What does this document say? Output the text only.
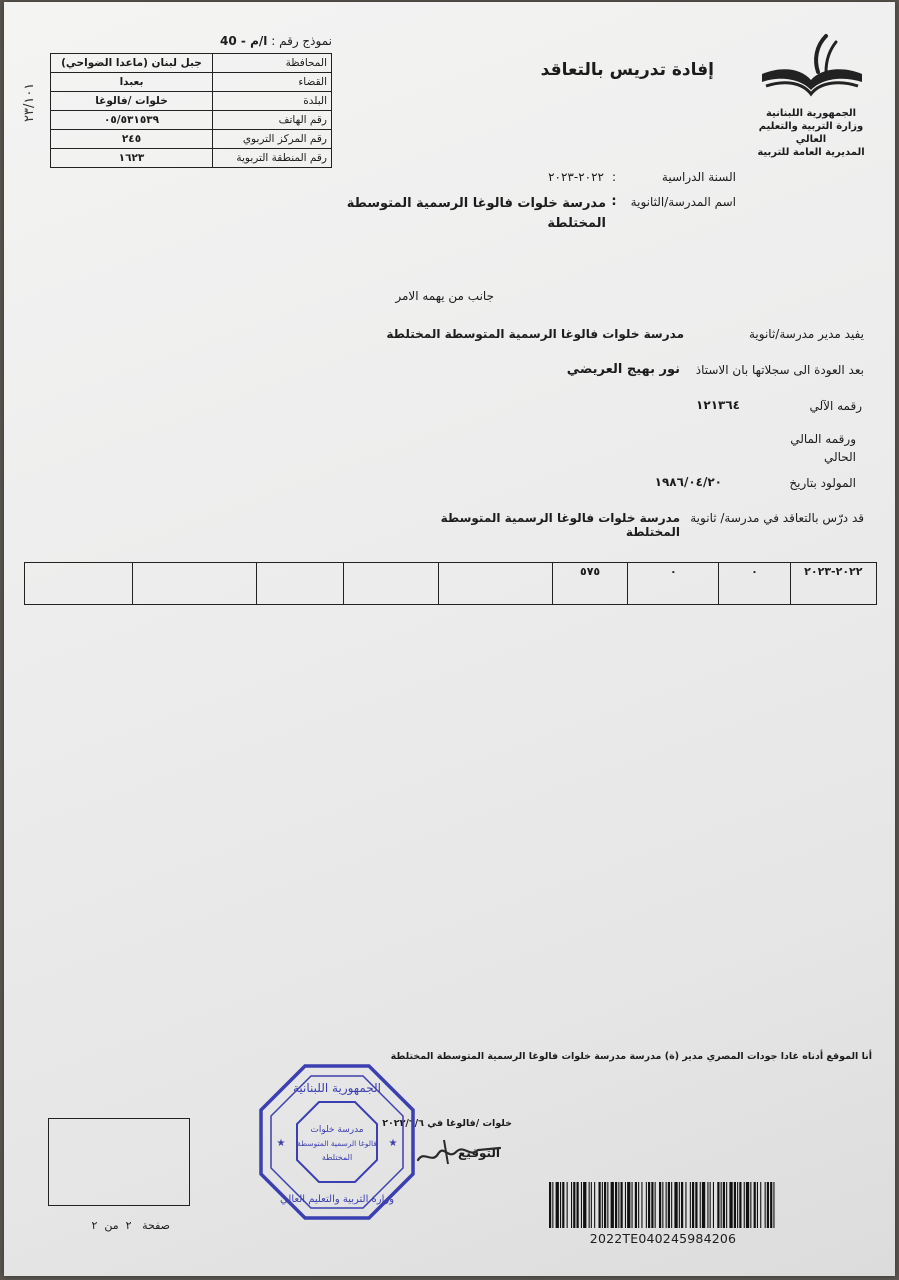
نموذج رقم : ا/م - 40
٢٣/١٠١
المحافظة	جبل لبنان (ماعدا الضواحي)
القضاء	بعبدا
البلدة	خلوات /فالوغا
رقم الهاتف	٠٥/٥٣١٥٣٩
رقم المركز التربوي	٢٤٥
رقم المنطقة التربوية	١٦٢٣
إفادة تدريس بالتعاقد
الجمهورية اللبنانية
وزارة التربية والتعليم العالي
المديرية العامة للتربية
السنة الدراسية
:
٢٠٢٢-٢٠٢٣
اسم المدرسة/الثانوية
:
مدرسة خلوات فالوغا الرسمية المتوسطة
المختلطة
جانب من يهمه الامر
يفيد مدير مدرسة/ثانوية
مدرسة خلوات فالوغا الرسمية المتوسطة المختلطة
بعد العودة الى سجلاتها بان الاستاذ
نور بهيج العريضي
رقمه الآلي
١٢١٣٦٤
ورقمه المالي
الحالي
المولود بتاريخ
١٩٨٦/٠٤/٢٠
قد درّس بالتعاقد في مدرسة/ ثانوية
مدرسة خلوات فالوغا الرسمية المتوسطة المختلطة
٢٠٢٢-٢٠٢٣	٠	٠	٥٧٥					
أنا الموقع أدناه غادا جودات المصري مدير (ة) مدرسة مدرسة خلوات فالوغا الرسمية المتوسطة المختلطة
خلوات /فالوغا في ٢٠٢٣/٦/٦
التوقيع
الجمهورية اللبنانية
مدرسة خلوات
فالوغا الرسمية المتوسطة
المختلطة
وزارة التربية والتعليم العالي
★	★
صفحة   ٢  من  ٢
2022TE040245984206
